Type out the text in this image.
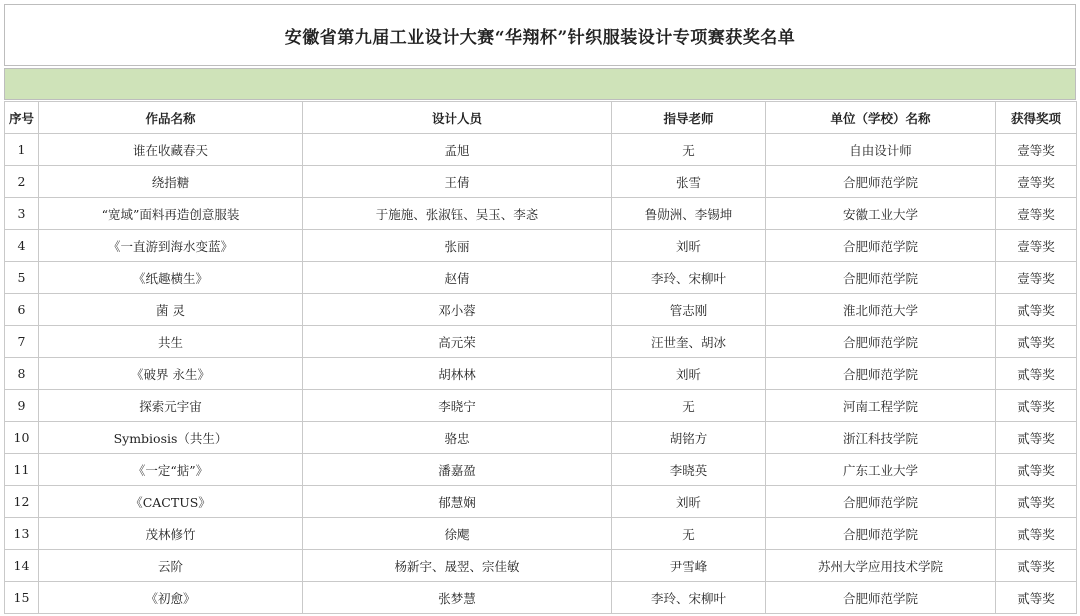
安徽省第九届工业设计大赛“华翔杯”针织服装设计专项赛获奖名单
序号	作品名称	设计人员	指导老师	单位（学校）名称	获得奖项
1	谁在收藏春天	孟旭	无	自由设计师	壹等奖
2	绕指糖	王倩	张雪	合肥师范学院	壹等奖
3	“宽域”面料再造创意服装	于施施、张淑钰、吴玉、李忞	鲁勋洲、李锡坤	安徽工业大学	壹等奖
4	《一直游到海水变蓝》	张丽	刘昕	合肥师范学院	壹等奖
5	《纸趣横生》	赵倩	李玲、宋柳叶	合肥师范学院	壹等奖
6	菌 灵	邓小蓉	管志刚	淮北师范大学	贰等奖
7	共生	高元荣	汪世奎、胡冰	合肥师范学院	贰等奖
8	《破界 永生》	胡林林	刘昕	合肥师范学院	贰等奖
9	探索元宇宙	李晓宁	无	河南工程学院	贰等奖
10	Symbiosis（共生）	骆忠	胡铭方	浙江科技学院	贰等奖
11	《一定“掂”》	潘嘉盈	李晓英	广东工业大学	贰等奖
12	《CACTUS》	郁慧娴	刘昕	合肥师范学院	贰等奖
13	茂林修竹	徐飔	无	合肥师范学院	贰等奖
14	云阶	杨新宇、晟翌、宗佳敏	尹雪峰	苏州大学应用技术学院	贰等奖
15	《初愈》	张梦慧	李玲、宋柳叶	合肥师范学院	贰等奖
